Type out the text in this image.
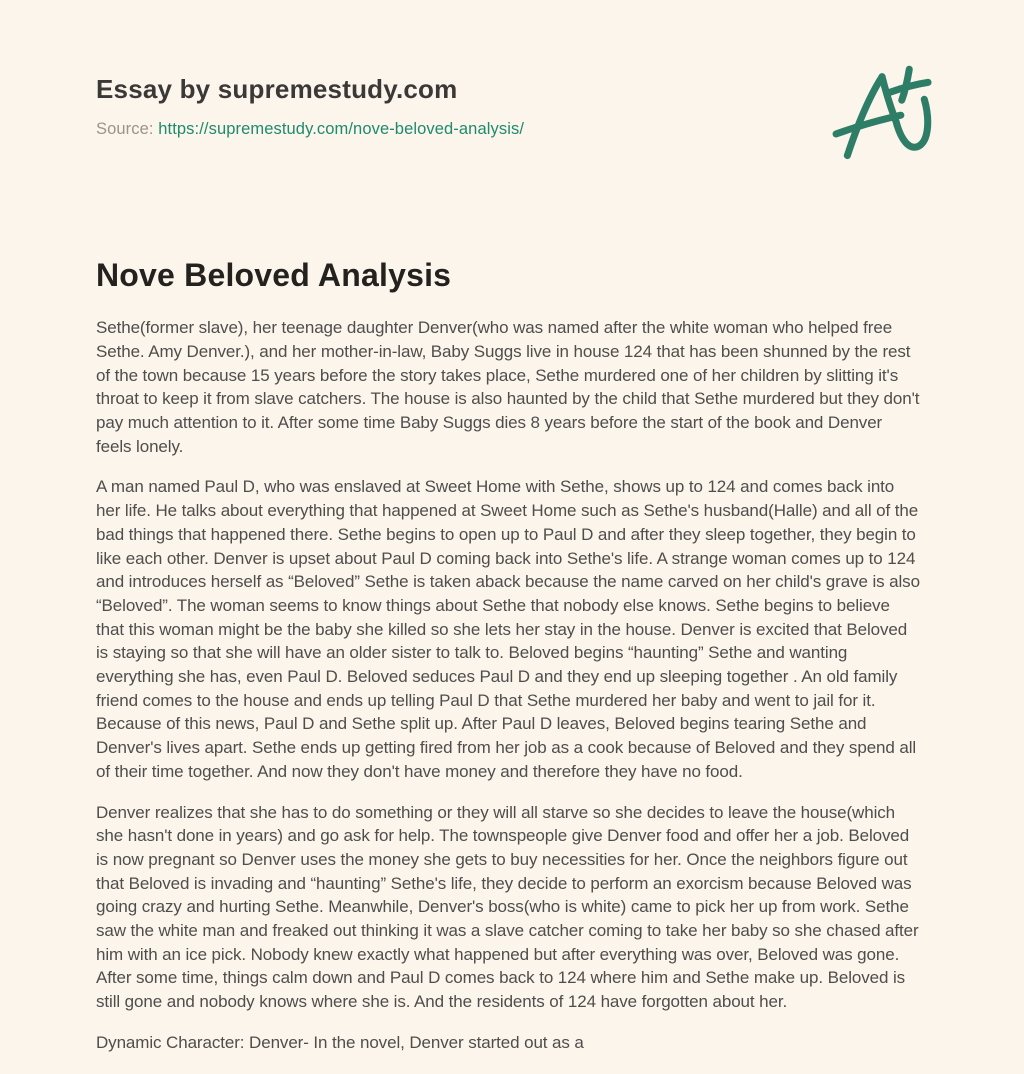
Essay by supremestudy.com
Source: https://supremestudy.com/nove-beloved-analysis/
Nove Beloved Analysis

Sethe(former slave), her teenage daughter Denver(who was named after the white woman who helped free Sethe. Amy Denver.), and her mother-in-law, Baby Suggs live in house 124 that has been shunned by the rest of the town because 15 years before the story takes place, Sethe murdered one of her children by slitting it's throat to keep it from slave catchers. The house is also haunted by the child that Sethe murdered but they don't pay much attention to it. After some time Baby Suggs dies 8 years before the start of the book and Denver feels lonely.

A man named Paul D, who was enslaved at Sweet Home with Sethe, shows up to 124 and comes back into her life. He talks about everything that happened at Sweet Home such as Sethe's husband(Halle) and all of the bad things that happened there. Sethe begins to open up to Paul D and after they sleep together, they begin to like each other. Denver is upset about Paul D coming back into Sethe's life. A strange woman comes up to 124 and introduces herself as “Beloved” Sethe is taken aback because the name carved on her child's grave is also “Beloved”. The woman seems to know things about Sethe that nobody else knows. Sethe begins to believe that this woman might be the baby she killed so she lets her stay in the house. Denver is excited that Beloved is staying so that she will have an older sister to talk to. Beloved begins “haunting” Sethe and wanting everything she has, even Paul D. Beloved seduces Paul D and they end up sleeping together . An old family friend comes to the house and ends up telling Paul D that Sethe murdered her baby and went to jail for it. Because of this news, Paul D and Sethe split up. After Paul D leaves, Beloved begins tearing Sethe and Denver's lives apart. Sethe ends up getting fired from her job as a cook because of Beloved and they spend all of their time together. And now they don't have money and therefore they have no food.

Denver realizes that she has to do something or they will all starve so she decides to leave the house(which she hasn't done in years) and go ask for help. The townspeople give Denver food and offer her a job. Beloved is now pregnant so Denver uses the money she gets to buy necessities for her. Once the neighbors figure out that Beloved is invading and “haunting” Sethe's life, they decide to perform an exorcism because Beloved was going crazy and hurting Sethe. Meanwhile, Denver's boss(who is white) came to pick her up from work. Sethe saw the white man and freaked out thinking it was a slave catcher coming to take her baby so she chased after him with an ice pick. Nobody knew exactly what happened but after everything was over, Beloved was gone. After some time, things calm down and Paul D comes back to 124 where him and Sethe make up. Beloved is still gone and nobody knows where she is. And the residents of 124 have forgotten about her.

Dynamic Character: Denver- In the novel, Denver started out as a
